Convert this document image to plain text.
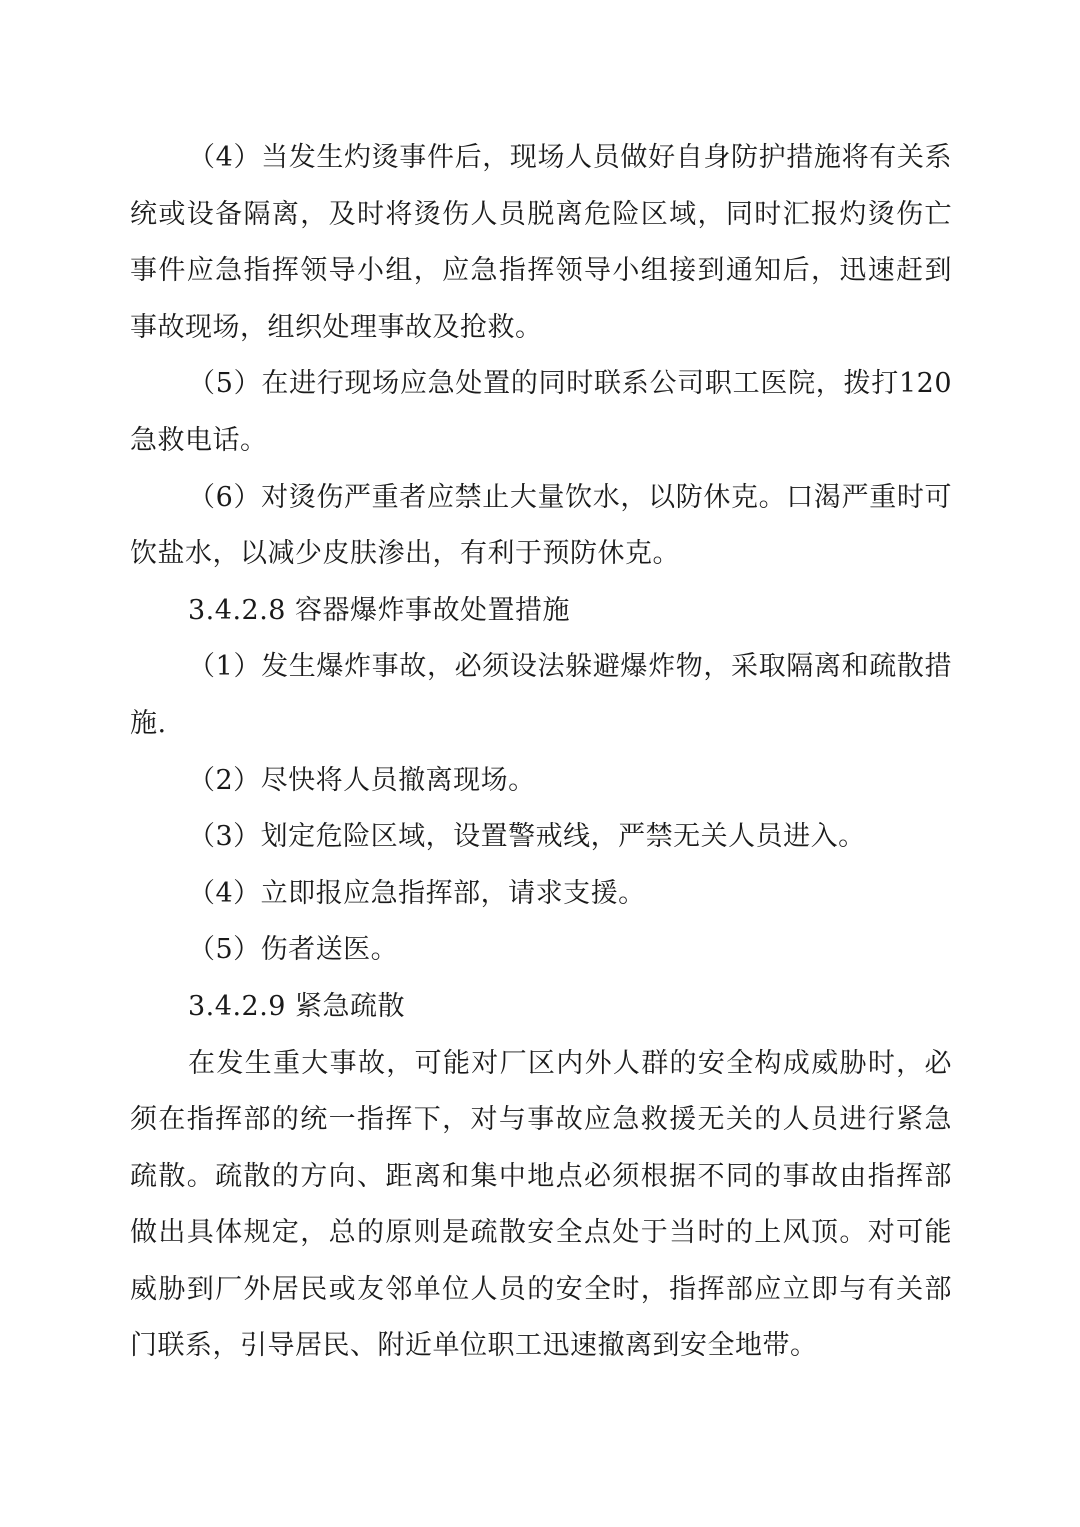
（4）当发生灼烫事件后，现场人员做好自身防护措施将有关系统或设备隔离，及时将烫伤人员脱离危险区域，同时汇报灼烫伤亡事件应急指挥领导小组，应急指挥领导小组接到通知后，迅速赶到事故现场，组织处理事故及抢救。

（5）在进行现场应急处置的同时联系公司职工医院，拨打120 急救电话。

（6）对烫伤严重者应禁止大量饮水，以防休克。口渴严重时可饮盐水，以减少皮肤渗出，有利于预防休克。

3.4.2.8 容器爆炸事故处置措施

（1）发生爆炸事故，必须设法躲避爆炸物，采取隔离和疏散措施.

（2）尽快将人员撤离现场。

（3）划定危险区域，设置警戒线，严禁无关人员进入。

（4）立即报应急指挥部，请求支援。

（5）伤者送医。

3.4.2.9 紧急疏散

在发生重大事故，可能对厂区内外人群的安全构成威胁时，必须在指挥部的统一指挥下，对与事故应急救援无关的人员进行紧急疏散。疏散的方向、距离和集中地点必须根据不同的事故由指挥部做出具体规定，总的原则是疏散安全点处于当时的上风顶。对可能威胁到厂外居民或友邻单位人员的安全时，指挥部应立即与有关部门联系，引导居民、附近单位职工迅速撤离到安全地带。
